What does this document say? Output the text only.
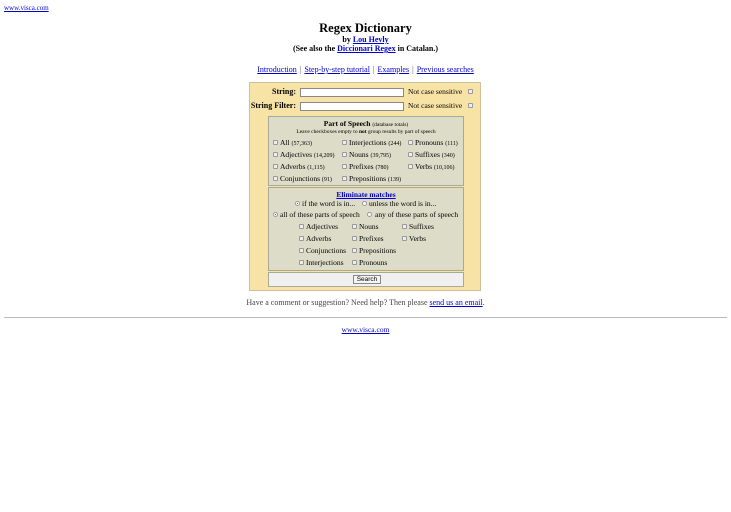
www.visca.com
Regex Dictionary
by Lou Hevly
(See also the Diccionari Regex in Catalan.)
Introduction | Step-by-step tutorial | Examples | Previous searches
String:	Not case sensitive
String Filter:	Not case sensitive
Part of Speech (database totals)
Leave checkboxes empty to not group results by part of speech
All (57,363)
Adjectives (14,209)
Adverbs (1,115)
Conjunctions (91)
Interjections (244)
Nouns (39,795)
Prefixes (780)
Prepositions (139)
Pronouns (111)
Suffixes (340)
Verbs (10,106)
Eliminate matches
if the word is in... unless the word is in...
all of these parts of speech any of these parts of speech
Adjectives
Adverbs
Conjunctions
Interjections
Nouns
Prefixes
Prepositions
Pronouns
Suffixes
Verbs
Search
Have a comment or suggestion? Need help? Then please send us an email.
www.visca.com
